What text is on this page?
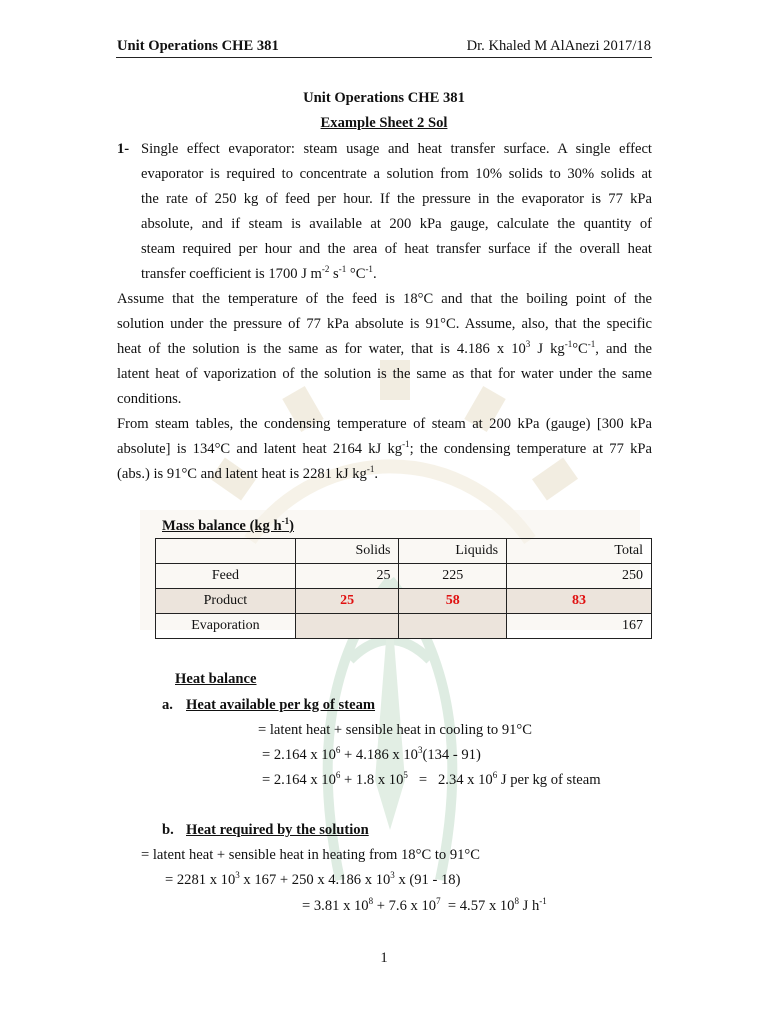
Unit Operations CHE 381	Dr. Khaled M AlAnezi 2017/18
Unit Operations CHE 381
Example Sheet 2 Sol
1- Single effect evaporator: steam usage and heat transfer surface. A single effect
evaporator is required to concentrate a solution from 10% solids to 30% solids at
the rate of 250 kg of feed per hour. If the pressure in the evaporator is 77 kPa
absolute, and if steam is available at 200 kPa gauge, calculate the quantity of
steam required per hour and the area of heat transfer surface if the overall heat
transfer coefficient is 1700 J $m^{-2}$ $s^{-1}$ $^\circ C^{-1}$.
Assume that the temperature of the feed is 18°C and that the boiling point of the
solution under the pressure of 77 kPa absolute is 91°C. Assume, also, that the specific
heat of the solution is the same as for water, that is 4.186 x $10^3$ J $kg^{-1}^\circ C^{-1}$, and the
latent heat of vaporization of the solution is the same as that for water under the same
conditions.
From steam tables, the condensing temperature of steam at 200 kPa (gauge) [300 kPa
absolute] is 134°C and latent heat 2164 kJ $kg^{-1}$; the condensing temperature at 77 kPa
(abs.) is 91°C and latent heat is 2281 kJ $kg^{-1}$.
Mass balance (kg $h^{-1}$)
	Solids	Liquids	Total
Feed	25	225	250
Product	25	58	83
Evaporation			167
Heat balance
a. Heat available per kg of steam
= latent heat + sensible heat in cooling to 91°C
= 2.164 x $10^6 + 4.186$ x $10^3(134 - 91)$
= 2.164 x $10^6 + 1.8$ x $10^5 = 2.34$ x $10^6$ J per kg of steam
b. Heat required by the solution
= latent heat + sensible heat in heating from 18°C to 91°C
= 2281 x $10^3$ x 167 + 250 x 4.186 x $10^3$ x (91 - 18)
= 3.81 x $10^8 + 7.6$ x $10^7 = 4.57$ x $10^8$ J $h^{-1}$
1
